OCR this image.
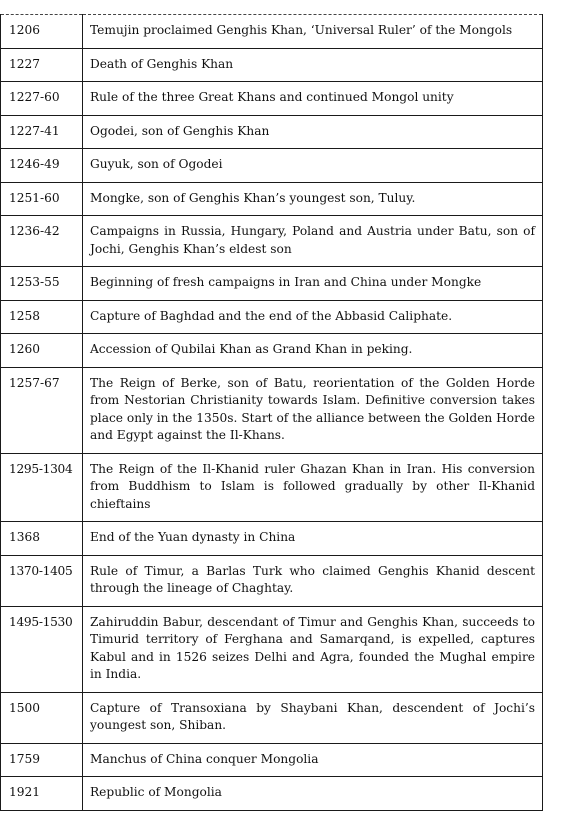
1206	Temujin proclaimed Genghis Khan, ‘Universal Ruler’ of the Mongols
1227	Death of Genghis Khan
1227-60	Rule of the three Great Khans and continued Mongol unity
1227-41	Ogodei, son of Genghis Khan
1246-49	Guyuk, son of Ogodei
1251-60	Mongke, son of Genghis Khan’s youngest son, Tuluy.
1236-42	Campaigns in Russia, Hungary, Poland and Austria under Batu, son of Jochi, Genghis Khan’s eldest son
1253-55	Beginning of fresh campaigns in Iran and China under Mongke
1258	Capture of Baghdad and the end of the Abbasid Caliphate.
1260	Accession of Qubilai Khan as Grand Khan in peking.
1257-67	The Reign of Berke, son of Batu, reorientation of the Golden Horde from Nestorian Christianity towards Islam. Definitive conversion takes place only in the 1350s. Start of the alliance between the Golden Horde and Egypt against the Il-Khans.
1295-1304	The Reign of the Il-Khanid ruler Ghazan Khan in Iran. His conversion from Buddhism to Islam is followed gradually by other Il-Khanid chieftains
1368	End of the Yuan dynasty in China
1370-1405	Rule of Timur, a Barlas Turk who claimed Genghis Khanid descent through the lineage of Chaghtay.
1495-1530	Zahiruddin Babur, descendant of Timur and Genghis Khan, succeeds to Timurid territory of Ferghana and Samarqand, is expelled, captures Kabul and in 1526 seizes Delhi and Agra, founded the Mughal empire in India.
1500	Capture of Transoxiana by Shaybani Khan, descendent of Jochi’s youngest son, Shiban.
1759	Manchus of China conquer Mongolia
1921	Republic of Mongolia
